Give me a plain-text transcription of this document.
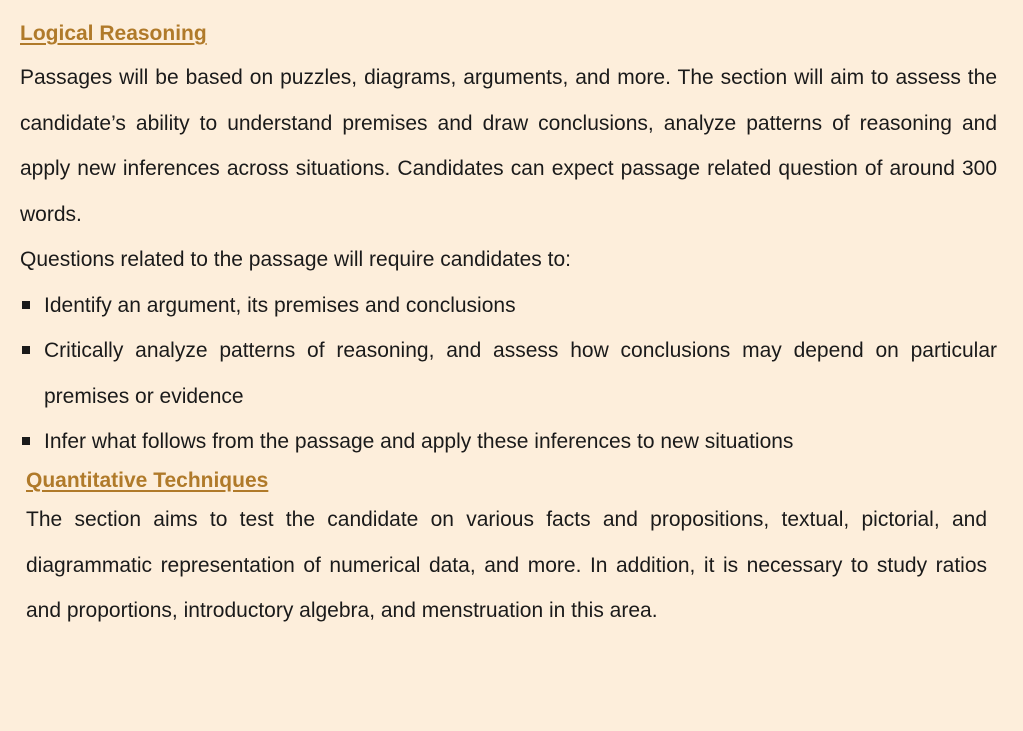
Logical Reasoning

Passages will be based on puzzles, diagrams, arguments, and more. The section will aim to assess the candidate’s ability to understand premises and draw conclusions, analyze patterns of reasoning and apply new inferences across situations. Candidates can expect passage related question of around 300 words.

Questions related to the passage will require candidates to:

Identify an argument, its premises and conclusions
Critically analyze patterns of reasoning, and assess how conclusions may depend on particular premises or evidence
Infer what follows from the passage and apply these inferences to new situations
Quantitative Techniques

The section aims to test the candidate on various facts and propositions, textual, pictorial, and diagrammatic representation of numerical data, and more. In addition, it is necessary to study ratios and proportions, introductory algebra, and menstruation in this area.
